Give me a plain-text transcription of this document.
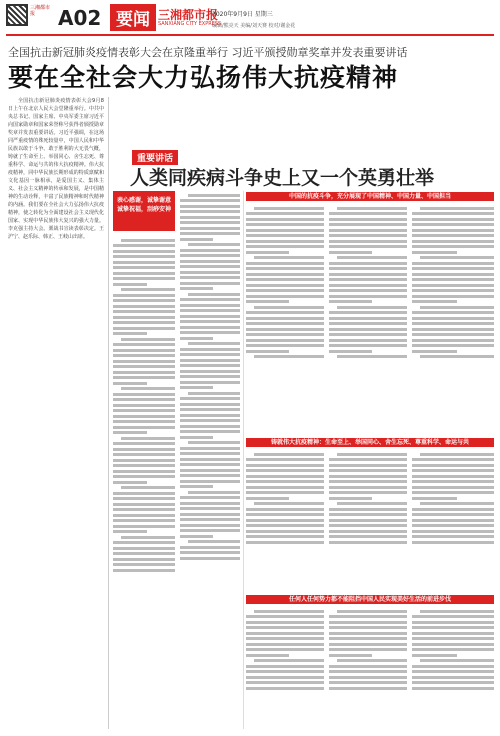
三湘都市报	A02 要闻 三湘都市报
SANXIANG CITY EXPRESS
2020年9月9日 星期三
编辑/熊亮天 美编/刘天赛 校对/谢金花
全国抗击新冠肺炎疫情表彰大会在京隆重举行 习近平颁授勋章奖章并发表重要讲话
要在全社会大力弘扬伟大抗疫精神

全国抗击新冠肺炎疫情表彰大会9月8日上午在北京人民大会堂隆重举行。中共中央总书记、国家主席、中央军委主席习近平向国家勋章和国家荣誉称号获得者颁授勋章奖章并发表重要讲话。习近平强调，在这场同严重疫情的殊死较量中，中国人民和中华民族以敢于斗争、敢于胜利的大无畏气概，铸就了生命至上、举国同心、舍生忘死、尊重科学、命运与共的伟大抗疫精神。伟大抗疫精神，同中华民族长期形成的特质禀赋和文化基因一脉相承，是爱国主义、集体主义、社会主义精神的传承和发展，是中国精神的生动诠释，丰富了民族精神和时代精神的内涵。我们要在全社会大力弘扬伟大抗疫精神，使之转化为全面建设社会主义现代化国家、实现中华民族伟大复兴的强大力量。李克强主持大会。栗战书宣读表彰决定。王沪宁、赵乐际、韩正、王岐山出席。

重要讲话
人类同疾病斗争史上又一个英勇壮举
表心感谢，诚挚谢意 诚挚祝福，刮痧安神
中国的抗疫斗争，充分展现了中国精神、中国力量、中国担当
铸就伟大抗疫精神：生命至上、举国同心、舍生忘死、尊重科学、命运与共
任何人任何势力都不能阻挡中国人民实现美好生活的前进步伐
